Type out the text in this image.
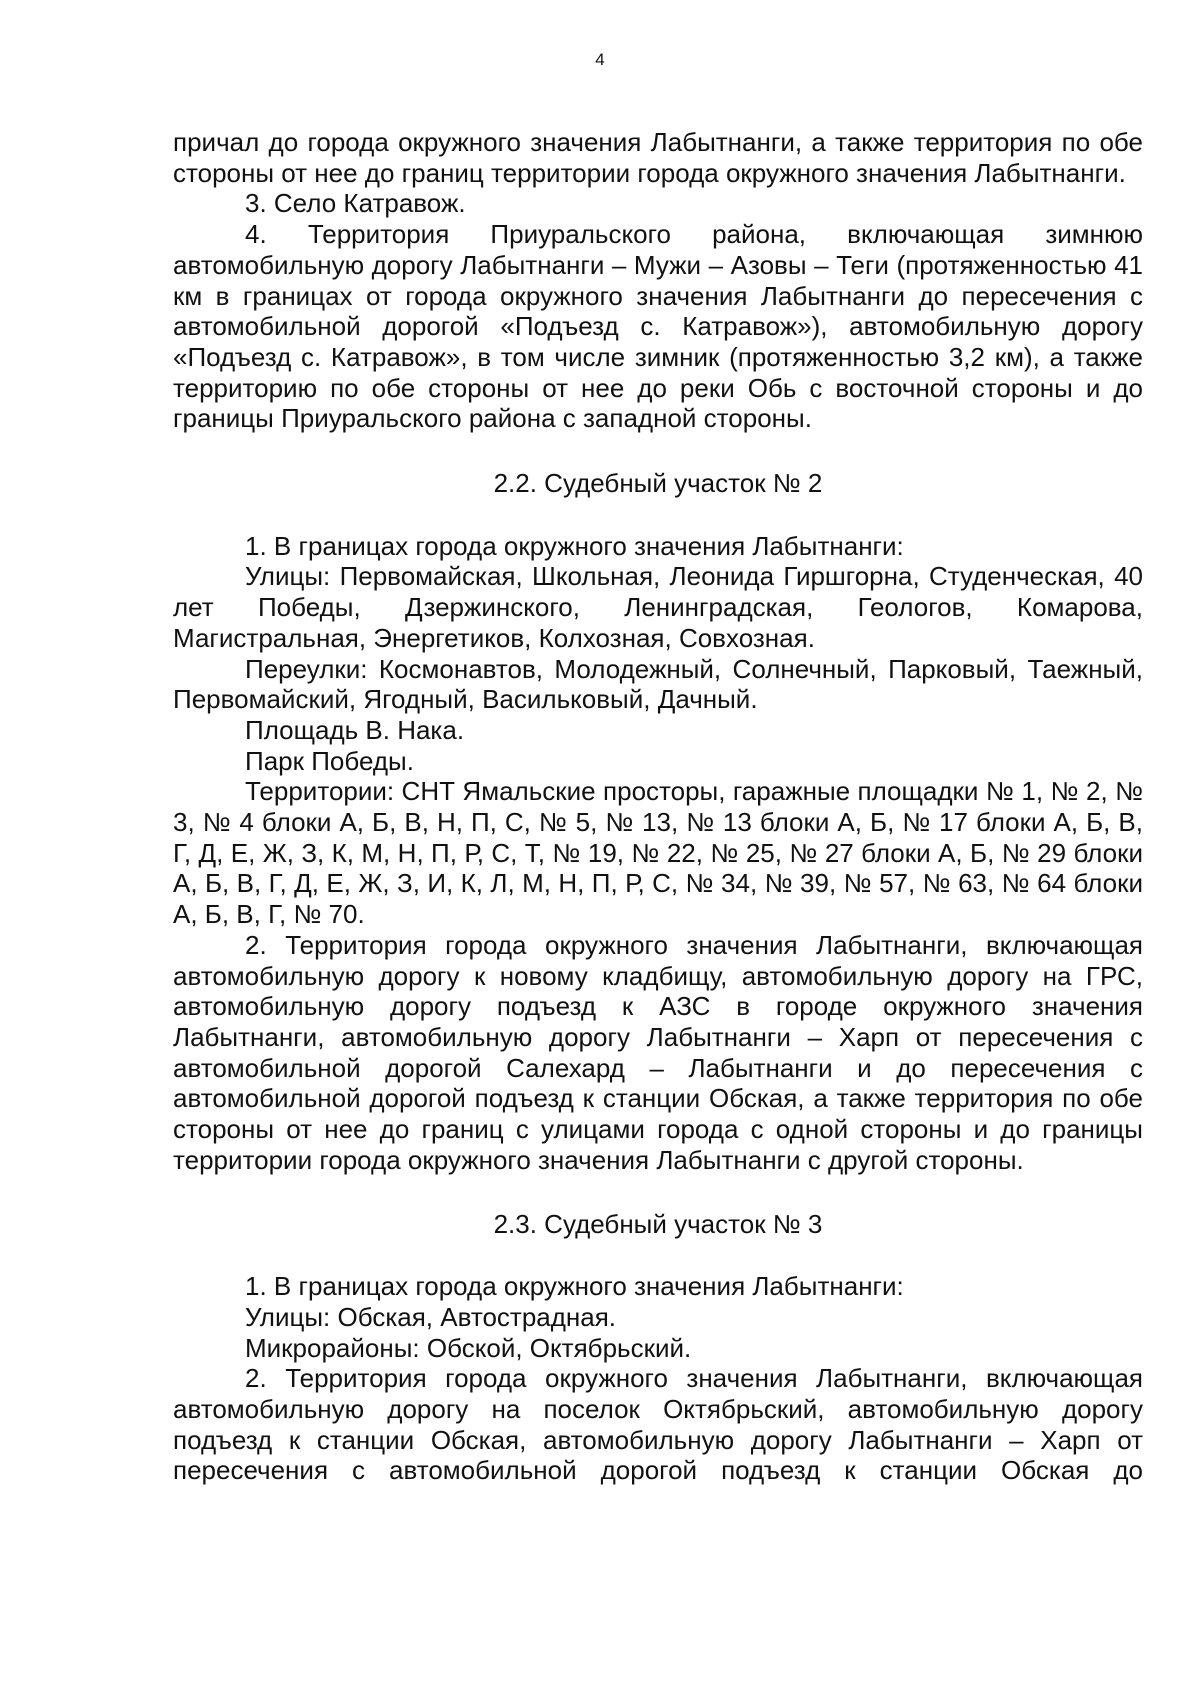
4

причал до города окружного значения Лабытнанги, а также территория по обе стороны от нее до границ территории города окружного значения Лабытнанги.

3. Село Катравож.

4. Территория Приуральского района, включающая зимнюю автомобильную дорогу Лабытнанги – Мужи – Азовы – Теги (протяженностью 41 км в границах от города окружного значения Лабытнанги до пересечения с автомобильной дорогой «Подъезд с. Катравож»), автомобильную дорогу «Подъезд с. Катравож», в том числе зимник (протяженностью 3,2 км), а также территорию по обе стороны от нее до реки Обь с восточной стороны и до границы Приуральского района с западной стороны.

2.2. Судебный участок № 2

1. В границах города окружного значения Лабытнанги:

Улицы: Первомайская, Школьная, Леонида Гиршгорна, Студенческая, 40 лет Победы, Дзержинского, Ленинградская, Геологов, Комарова, Магистральная, Энергетиков, Колхозная, Совхозная.

Переулки: Космонавтов, Молодежный, Солнечный, Парковый, Таежный, Первомайский, Ягодный, Васильковый, Дачный.

Площадь В. Нака.

Парк Победы.

Территории: СНТ Ямальские просторы, гаражные площадки № 1, № 2, № 3, № 4 блоки А, Б, В, Н, П, С, № 5, № 13, № 13 блоки А, Б, № 17 блоки А, Б, В, Г, Д, Е, Ж, З, К, М, Н, П, Р, С, Т, № 19, № 22, № 25, № 27 блоки А, Б, № 29 блоки А, Б, В, Г, Д, Е, Ж, З, И, К, Л, М, Н, П, Р, С, № 34, № 39, № 57, № 63, № 64 блоки А, Б, В, Г, № 70.

2. Территория города окружного значения Лабытнанги, включающая автомобильную дорогу к новому кладбищу, автомобильную дорогу на ГРС, автомобильную дорогу подъезд к АЗС в городе окружного значения Лабытнанги, автомобильную дорогу Лабытнанги – Харп от пересечения с автомобильной дорогой Салехард – Лабытнанги и до пересечения с автомобильной дорогой подъезд к станции Обская, а также территория по обе стороны от нее до границ с улицами города с одной стороны и до границы территории города окружного значения Лабытнанги с другой стороны.

2.3. Судебный участок № 3

1. В границах города окружного значения Лабытнанги:

Улицы: Обская, Автострадная.

Микрорайоны: Обской, Октябрьский.

2. Территория города окружного значения Лабытнанги, включающая автомобильную дорогу на поселок Октябрьский, автомобильную дорогу подъезд к станции Обская, автомобильную дорогу Лабытнанги – Харп от пересечения с автомобильной дорогой подъезд к станции Обская до
